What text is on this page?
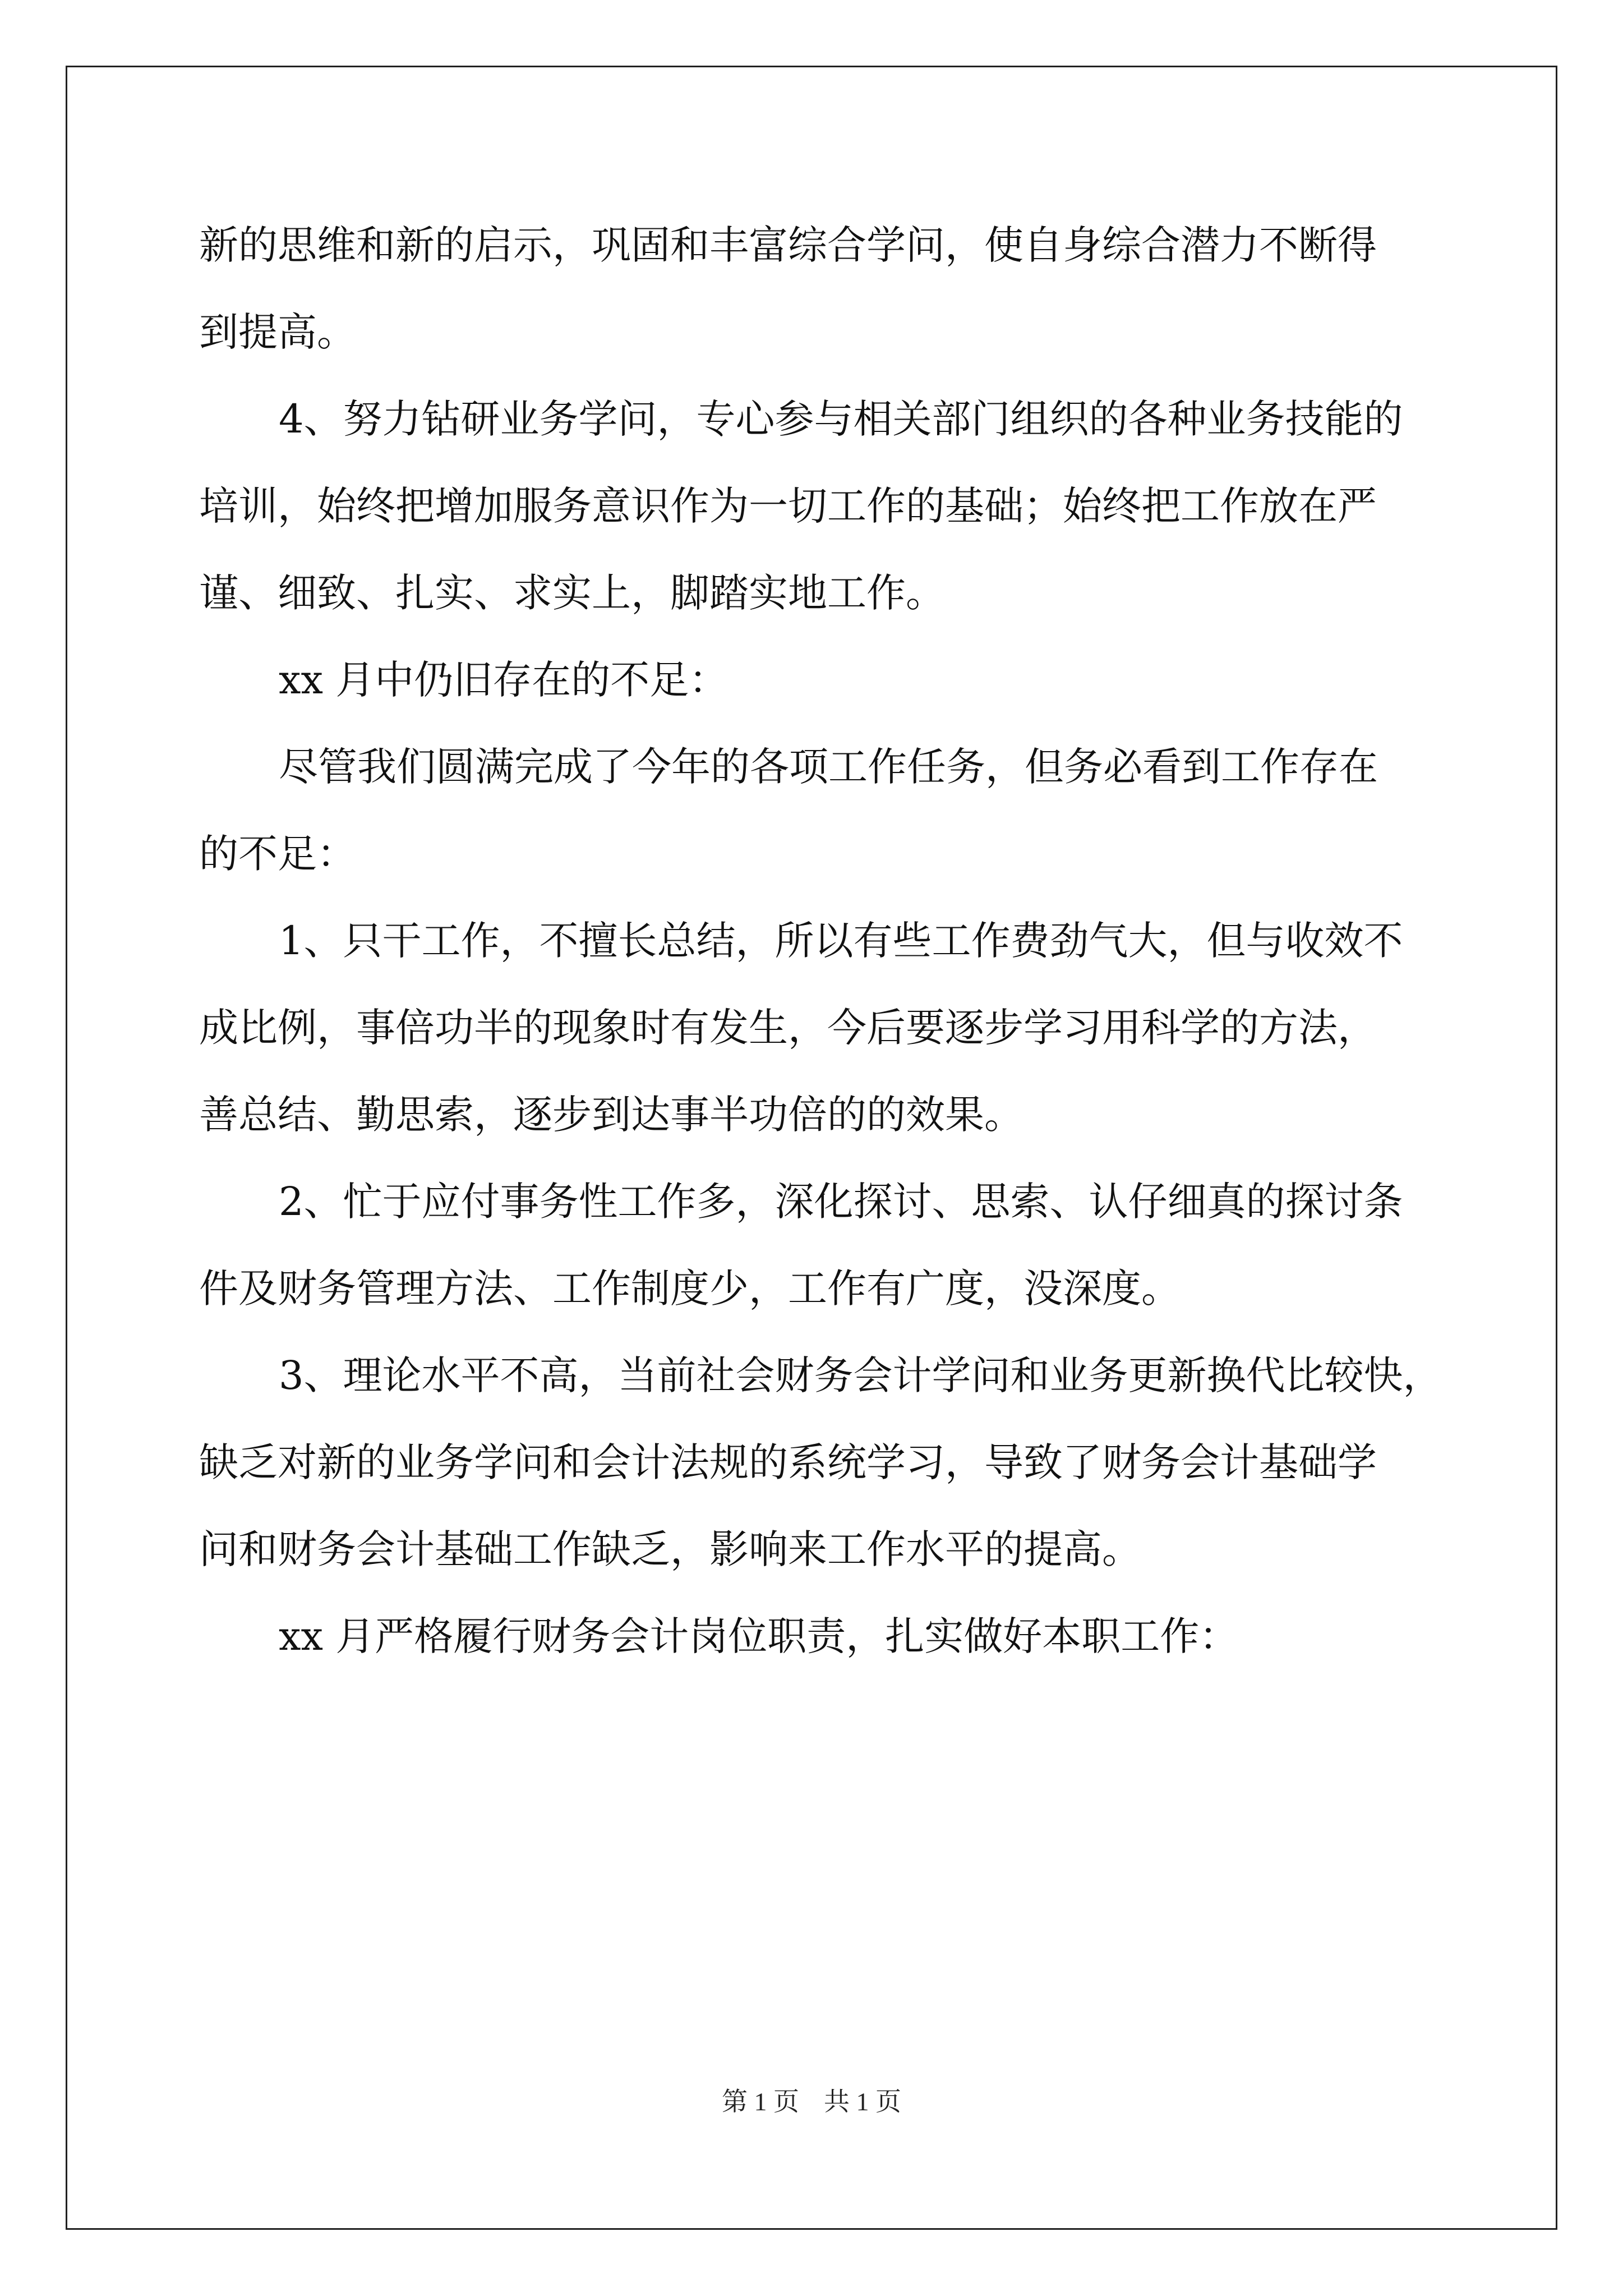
新的思维和新的启示，巩固和丰富综合学问，使自身综合潜力不断得
到提高。
4、努力钻研业务学问，专心参与相关部门组织的各种业务技能的
培训，始终把增加服务意识作为一切工作的基础；始终把工作放在严
谨、细致、扎实、求实上，脚踏实地工作。
xx 月中仍旧存在的不足：
尽管我们圆满完成了今年的各项工作任务，但务必看到工作存在
的不足：
1、只干工作，不擅长总结，所以有些工作费劲气大，但与收效不
成比例，事倍功半的现象时有发生，今后要逐步学习用科学的方法，
善总结、勤思索，逐步到达事半功倍的的效果。
2、忙于应付事务性工作多，深化探讨、思索、认仔细真的探讨条
件及财务管理方法、工作制度少，工作有广度，没深度。
3、理论水平不高，当前社会财务会计学问和业务更新换代比较快，
缺乏对新的业务学问和会计法规的系统学习，导致了财务会计基础学
问和财务会计基础工作缺乏，影响来工作水平的提高。
xx 月严格履行财务会计岗位职责，扎实做好本职工作：
第 1 页 共 1 页
